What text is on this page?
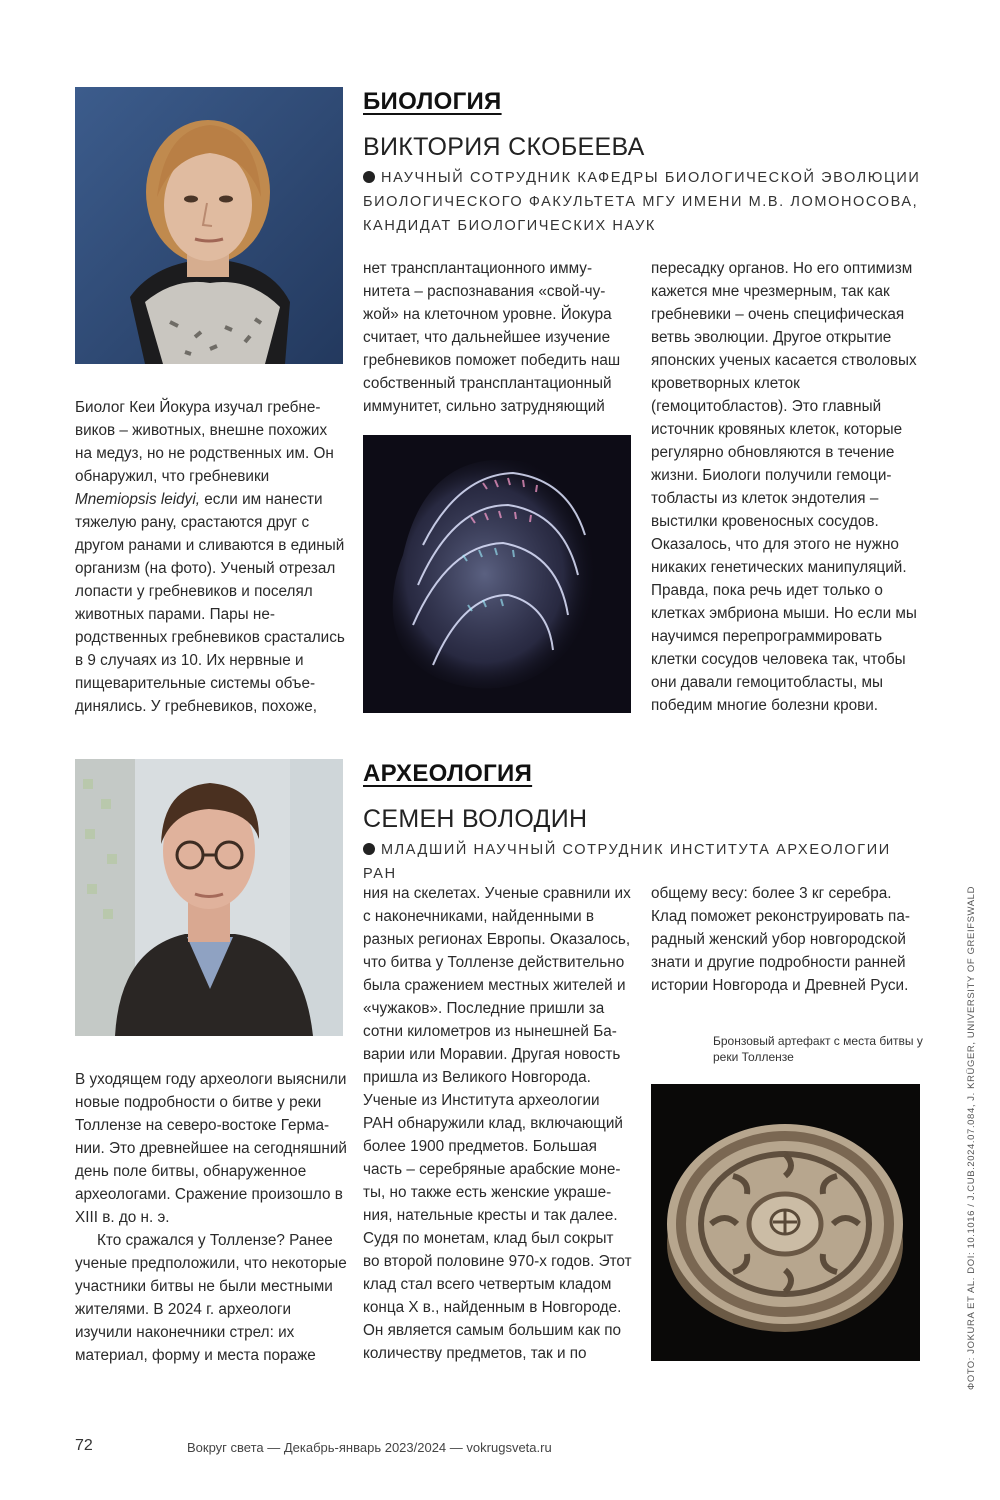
БИОЛОГИЯ
ВИКТОРИЯ СКОБЕЕВА
НАУЧНЫЙ СОТРУДНИК КАФЕДРЫ БИОЛОГИЧЕСКОЙ ЭВОЛЮЦИИ БИОЛОГИЧЕСКОГО ФАКУЛЬТЕТА МГУ ИМЕНИ М.В. ЛОМОНОСОВА, КАНДИДАТ БИОЛОГИЧЕСКИХ НАУК

нет трансплантационного иммунитета – распознавания «свой-чужой» на клеточном уровне. Йокура считает, что дальнейшее изучение гребневиков поможет победить наш собственный трансплантационный иммунитет, сильно затрудняющий

пересадку органов. Но его оптимизм кажется мне чрезмерным, так как гребневики – очень специфическая ветвь эволюции. Другое открытие японских ученых касается стволовых кроветворных клеток (гемоцитобластов). Это главный источник кровяных клеток, которые регулярно обновляются в течение жизни. Биологи получили гемоцитобласты из клеток эндотелия – выстилки кровеносных сосудов. Оказалось, что для этого не нужно никаких генетических манипуляций. Правда, пока речь идет только о клетках эмбриона мыши. Но если мы научимся перепрограммировать клетки сосудов человека так, чтобы они давали гемоцитобласты, мы победим многие болезни крови.

Биолог Кеи Йокура изучал гребневиков – животных, внешне похожих на медуз, но не родственных им. Он обнаружил, что гребневики Mnemiopsis leidyi, если им нанести тяжелую рану, срастаются друг с другом ранами и сливаются в единый организм (на фото). Ученый отрезал лопасти у гребневиков и поселял животных парами. Пары неродственных гребневиков срастались в 9 случаях из 10. Их нервные и пищеварительные системы объединялись. У гребневиков, похоже,

АРХЕОЛОГИЯ
СЕМЕН ВОЛОДИН
МЛАДШИЙ НАУЧНЫЙ СОТРУДНИК ИНСТИТУТА АРХЕОЛОГИИ РАН

ния на скелетах. Ученые сравнили их с наконечниками, найденными в разных регионах Европы. Оказалось, что битва у Толлензе действительно была сражением местных жителей и «чужаков». Последние пришли за сотни километров из нынешней Баварии или Моравии. Другая новость пришла из Великого Новгорода. Ученые из Института археологии РАН обнаружили клад, включающий более 1900 предметов. Большая часть – серебряные арабские монеты, но также есть женские украшения, нательные кресты и так далее. Судя по монетам, клад был сокрыт во второй половине 970-х годов. Этот клад стал всего четвертым кладом конца X в., найденным в Новгороде. Он является самым большим как по количеству предметов, так и по

общему весу: более 3 кг серебра. Клад поможет реконструировать парадный женский убор новгородской знати и другие подробности ранней истории Новгорода и Древней Руси.

Бронзовый артефакт с места битвы у реки Толлензе

В уходящем году археологи выяснили новые подробности о битве у реки Толлензе на северо-востоке Германии. Это древнейшее на сегодняшний день поле битвы, обнаруженное археологами. Сражение произошло в XIII в. до н. э.

Кто сражался у Толлензе? Ранее ученые предположили, что некоторые участники битвы не были местными жителями. В 2024 г. археологи изучили наконечники стрел: их материал, форму и места пораже	ФОТО: JOKURA ET AL. DOI: 10.1016 / J.CUB.2024.07.084, J. KRÜGER, UNIVERSITY OF GREIFSWALD
72	Вокруг света — Декабрь-январь 2023/2024 — vokrugsveta.ru
